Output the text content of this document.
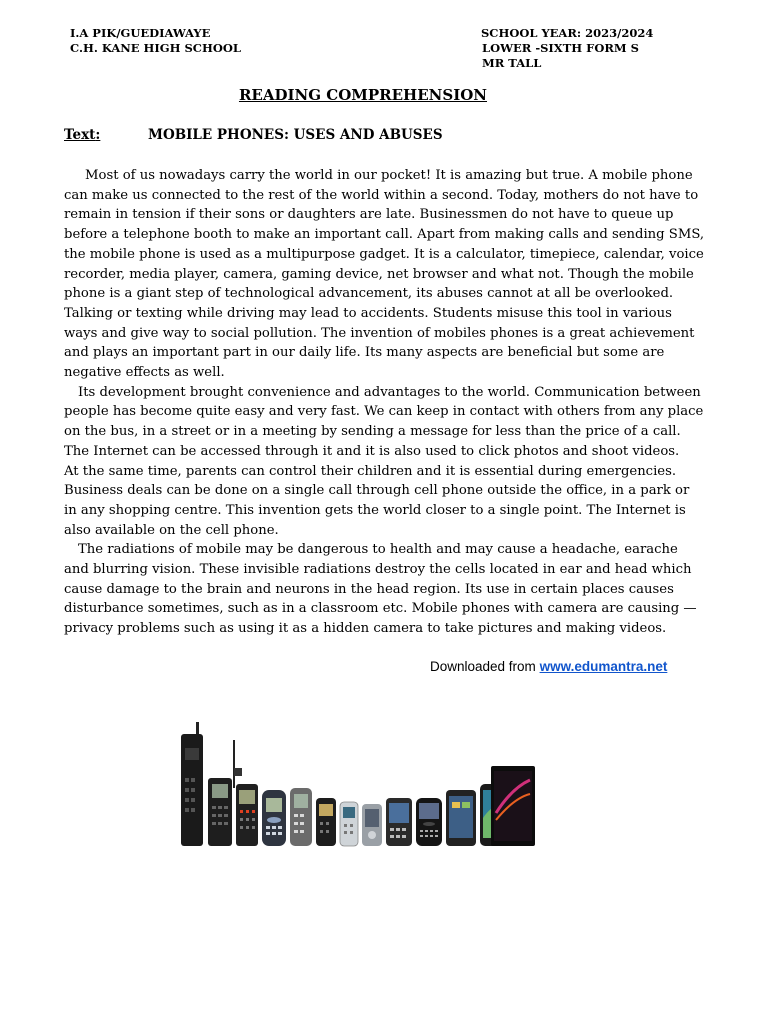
I.A PIK/GUEDIAWAYE
C.H. KANE HIGH SCHOOL
SCHOOL YEAR: 2023/2024
LOWER -SIXTH FORM S
MR TALL
READING COMPREHENSION
Text:	MOBILE PHONES: USES AND ABUSES

Most of us nowadays carry the world in our pocket! It is amazing but true. A mobile phone can make us connected to the rest of the world within a second. Today, mothers do not have to remain in tension if their sons or daughters are late. Businessmen do not have to queue up before a telephone booth to make an important call. Apart from making calls and sending SMS, the mobile phone is used as a multipurpose gadget. It is a calculator, timepiece, calendar, voice recorder, media player, camera, gaming device, net browser and what not. Though the mobile phone is a giant step of technological advancement, its abuses cannot at all be overlooked. Talking or texting while driving may lead to accidents. Students misuse this tool in various ways and give way to social pollution. The invention of mobiles phones is a great achievement and plays an important part in our daily life. Its many aspects are beneficial but some are negative effects as well.

Its development brought convenience and advantages to the world. Communication between people has become quite easy and very fast. We can keep in contact with others from any place on the bus, in a street or in a meeting by sending a message for less than the price of a call. The Internet can be accessed through it and it is also used to click photos and shoot videos.

At the same time, parents can control their children and it is essential during emergencies. Business deals can be done on a single call through cell phone outside the office, in a park or in any shopping centre. This invention gets the world closer to a single point. The Internet is also available on the cell phone.

The radiations of mobile may be dangerous to health and may cause a headache, earache and blurring vision. These invisible radiations destroy the cells located in ear and head which cause damage to the brain and neurons in the head region. Its use in certain places causes disturbance sometimes, such as in a classroom etc. Mobile phones with camera are causing —privacy problems such as using it as a hidden camera to take pictures and making videos.

Downloaded from www.edumantra.net
